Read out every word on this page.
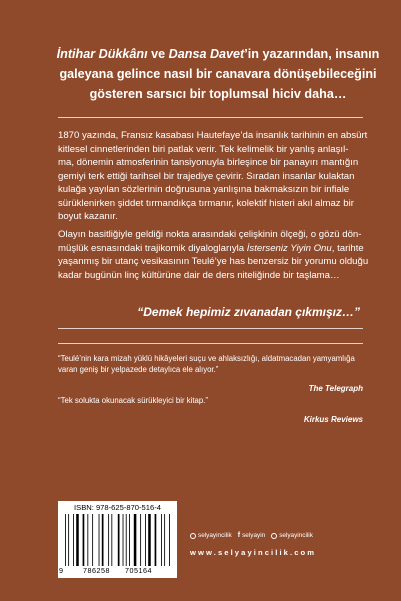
İntihar Dükkânı ve Dansa Davet’in yazarından, insanın
galeyana gelince nasıl bir canavara dönüşebileceğini
gösteren sarsıcı bir toplumsal hiciv daha…
1870 yazında, Fransız kasabası Hautefaye’da insanlık tarihinin en absürt
kitlesel cinnetlerinden biri patlak verir. Tek kelimelik bir yanlış anlaşıl-
ma, dönemin atmosferinin tansiyonuyla birleşince bir panayırı mantığın
gemiyi terk ettiği tarihsel bir trajediye çevirir. Sıradan insanlar kulaktan
kulağa yayılan sözlerinin doğrusuna yanlışına bakmaksızın bir infiale
sürüklenirken şiddet tırmandıkça tırmanır, kolektif histeri akıl almaz bir
boyut kazanır.
Olayın basitliğiyle geldiği nokta arasındaki çelişkinin ölçeği, o gözü dön-
müşlük esnasındaki trajikomik diyaloglarıyla İsterseniz Yiyin Onu, tarihte
yaşanmış bir utanç vesikasının Teulé’ye has benzersiz bir yorumu olduğu
kadar bugünün linç kültürüne dair de ders niteliğinde bir taşlama…
“Demek hepimiz zıvanadan çıkmışız…”
“Teulé’nin kara mizah yüklü hikâyeleri suçu ve ahlaksızlığı, aldatmacadan yamyamlığa
varan geniş bir yelpazede detaylıca ele alıyor.”
The Telegraph
“Tek solukta okunacak sürükleyici bir kitap.”
Kirkus Reviews
ISBN: 978-625-870-516-4
9	786258 705164
selyayincilik f selyayin selyayincilik
www.selyayincilik.com
